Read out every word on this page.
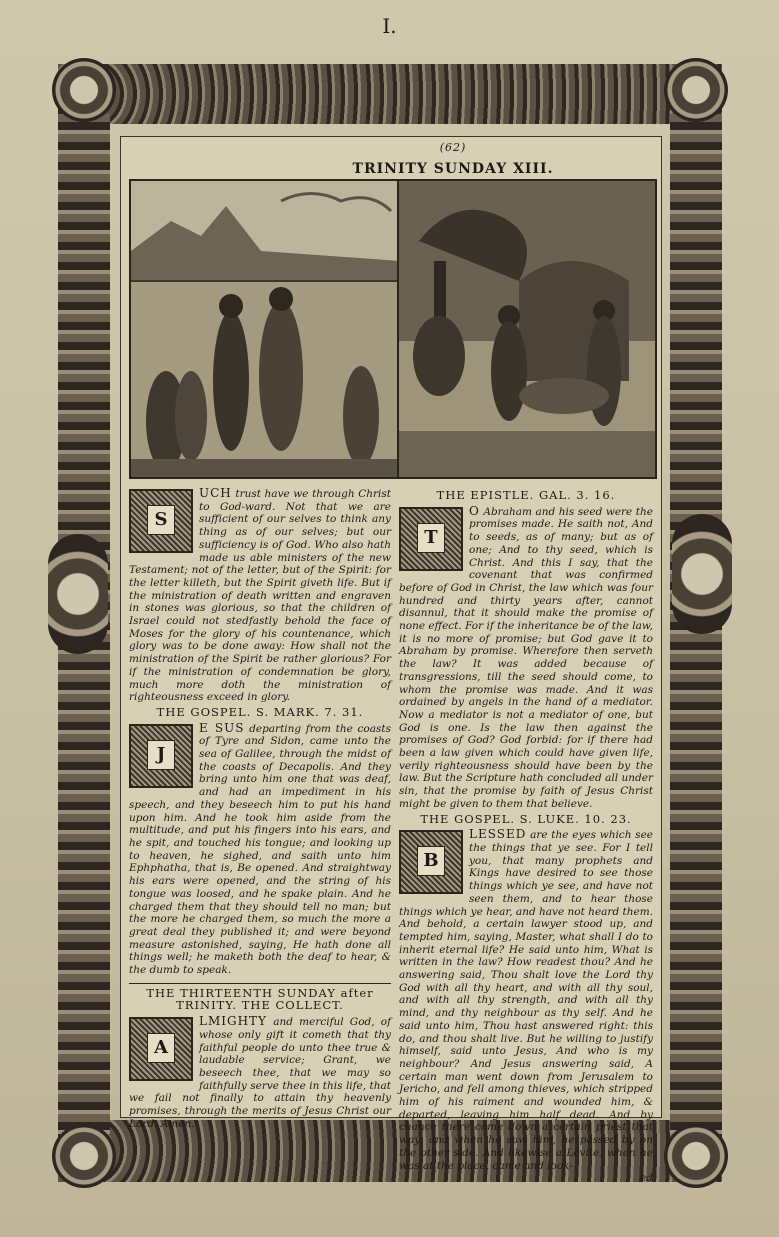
I.
$^{(62)}$
TRINITY SUNDAY XIII.
S

UCH trust have we through Christ to God-ward. Not that we are sufficient of our selves to think any thing as of our selves; but our sufficiency is of God. Who also hath made us able ministers of the new Testament; not of the letter, but of the Spirit: for the letter killeth, but the Spirit giveth life. But if the ministration of death written and engraven in stones was glorious, so that the children of Israel could not stedfastly behold the face of Moses for the glory of his countenance, which glory was to be done away: How shall not the ministration of the Spirit be rather glorious? For if the ministration of condemnation be glory, much more doth the ministration of righteousness exceed in glory.

THE GOSPEL. S. MARK. 7. 31.
J

E SUS departing from the coasts of Tyre and Sidon, came unto the sea of Galilee, through the midst of the coasts of Decapolis. And they bring unto him one that was deaf, and had an impediment in his speech, and they beseech him to put his hand upon him. And he took him aside from the multitude, and put his fingers into his ears, and he spit, and touched his tongue; and looking up to heaven, he sighed, and saith unto him Ephphatha, that is, Be opened. And straightway his ears were opened, and the string of his tongue was loosed, and he spake plain. And he charged them that they should tell no man; but the more he charged them, so much the more a great deal they published it; and were beyond measure astonished, saying, He hath done all things well; he maketh both the deaf to hear, & the dumb to speak.

THE THIRTEENTH SUNDAY after
TRINITY. THE COLLECT.
A

LMIGHTY and merciful God, of whose only gift it cometh that thy faithful people do unto thee true & laudable service; Grant, we beseech thee, that we may so faithfully serve thee in this life, that we fail not finally to attain thy heavenly promises, through the merits of Jesus Christ our Lord. Amen.

THE EPISTLE. GAL. 3. 16.
T

O Abraham and his seed were the promises made. He saith not, And to seeds, as of many; but as of one; And to thy seed, which is Christ. And this I say, that the covenant that was confirmed before of God in Christ, the law which was four hundred and thirty years after, cannot disannul, that it should make the promise of none effect. For if the inheritance be of the law, it is no more of promise; but God gave it to Abraham by promise. Wherefore then serveth the law? It was added because of transgressions, till the seed should come, to whom the promise was made. And it was ordained by angels in the hand of a mediator. Now a mediator is not a mediator of one, but God is one. Is the law then against the promises of God? God forbid: for if there had been a law given which could have given life, verily righteousness should have been by the law. But the Scripture hath concluded all under sin, that the promise by faith of Jesus Christ might be given to them that believe.

THE GOSPEL. S. LUKE. 10. 23.
B

LESSED are the eyes which see the things that ye see. For I tell you, that many prophets and Kings have desired to see those things which ye see, and have not seen them, and to hear those things which ye hear, and have not heard them. And behold, a certain lawyer stood up, and tempted him, saying, Master, what shall I do to inherit eternal life? He said unto him, What is written in the law? How readest thou? And he answering said, Thou shalt love the Lord thy God with all thy heart, and with all thy soul, and with all thy strength, and with all thy mind, and thy neighbour as thy self. And he said unto him, Thou hast answered right: this do, and thou shalt live. But he willing to justify himself, said unto Jesus, And who is my neighbour? And Jesus answering said, A certain man went down from Jerusalem to Jericho, and fell among thieves, which stripped him of his raiment and wounded him, & departed, leaving him half dead. And by chance there came down a certain priest that way; and when he saw him, he passed by on the other side. And likewise a Levite, when he was at the place, came and look-

ed
